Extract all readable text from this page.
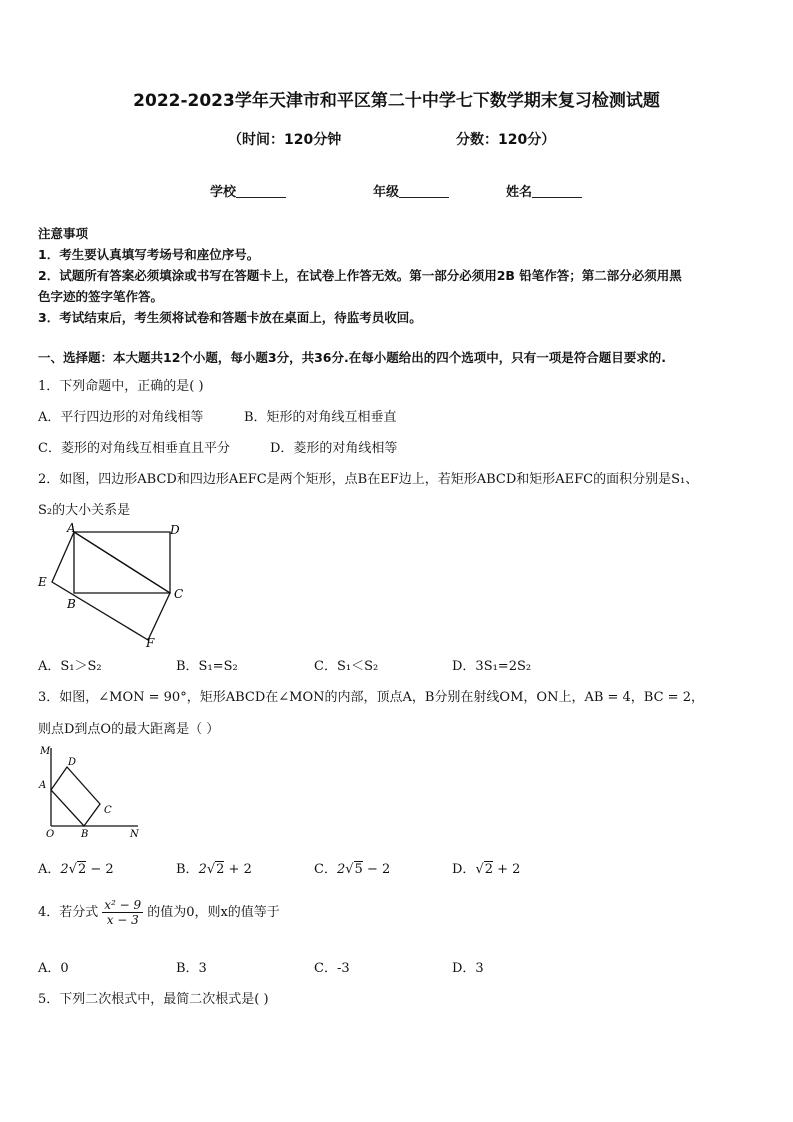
2022-2023学年天津市和平区第二十中学七下数学期末复习检测试题
（时间：120分钟	分数：120分）
学校	年级	姓名
注意事项
1．考生要认真填写考场号和座位序号。
2．试题所有答案必须填涂或书写在答题卡上，在试卷上作答无效。第一部分必须用2B 铅笔作答；第二部分必须用黑
色字迹的签字笔作答。
3．考试结束后，考生须将试卷和答题卡放在桌面上，待监考员收回。
一、选择题：本大题共12个小题，每小题3分，共36分.在每小题给出的四个选项中，只有一项是符合题目要求的.
1．下列命题中，正确的是( )
A．平行四边形的对角线相等	B．矩形的对角线互相垂直
C．菱形的对角线互相垂直且平分	D．菱形的对角线相等
2．如图，四边形ABCD和四边形AEFC是两个矩形，点B在EF边上，若矩形ABCD和矩形AEFC的面积分别是S₁、
S₂的大小关系是
A	D
E
B
C
F
A．S₁＞S₂	B．S₁=S₂	C．S₁＜S₂	D．3S₁=2S₂
3．如图，∠MON = 90°，矩形ABCD在∠MON的内部，顶点A，B分别在射线OM，ON上，AB = 4，BC = 2，
则点D到点O的最大距离是（ ）
M
D
A
C
O	B	N
A．2√2 − 2	B．2√2 + 2	C．2√5 − 2	D．√2 + 2
4．若分式 $\frac{\text{x² − 9}}{x - 3}$ 的值为0，则x的值等于
A．0	B．3	C．-3	D．3
5．下列二次根式中，最简二次根式是( )
